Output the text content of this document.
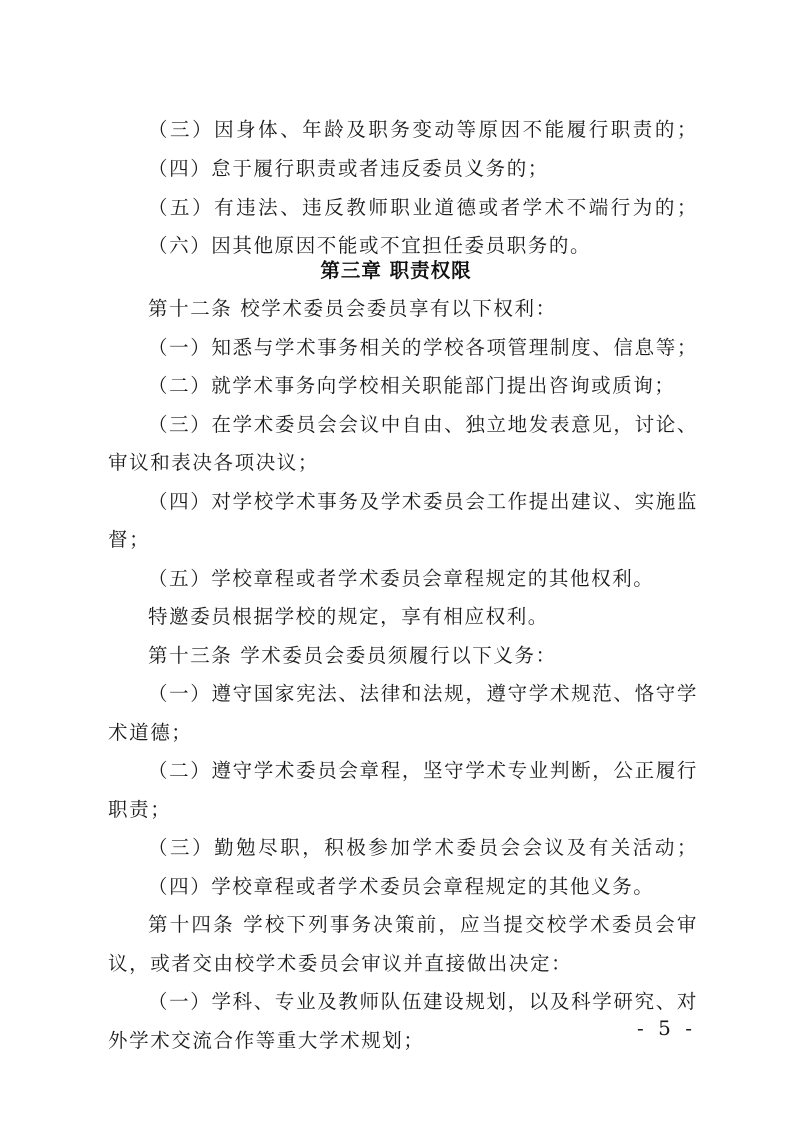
（三）因身体、年龄及职务变动等原因不能履行职责的；
（四）怠于履行职责或者违反委员义务的；
（五）有违法、违反教师职业道德或者学术不端行为的；
（六）因其他原因不能或不宜担任委员职务的。
第三章 职责权限
第十二条 校学术委员会委员享有以下权利：
（一）知悉与学术事务相关的学校各项管理制度、信息等；
（二）就学术事务向学校相关职能部门提出咨询或质询；
（三）在学术委员会会议中自由、独立地发表意见，讨论、
审议和表决各项决议；
（四）对学校学术事务及学术委员会工作提出建议、实施监
督；
（五）学校章程或者学术委员会章程规定的其他权利。
特邀委员根据学校的规定，享有相应权利。
第十三条 学术委员会委员须履行以下义务：
（一）遵守国家宪法、法律和法规，遵守学术规范、恪守学
术道德；
（二）遵守学术委员会章程，坚守学术专业判断，公正履行
职责；
（三）勤勉尽职，积极参加学术委员会会议及有关活动；
（四）学校章程或者学术委员会章程规定的其他义务。
第十四条 学校下列事务决策前，应当提交校学术委员会审
议，或者交由校学术委员会审议并直接做出决定：
（一）学科、专业及教师队伍建设规划，以及科学研究、对
外学术交流合作等重大学术规划；
- 5 -
